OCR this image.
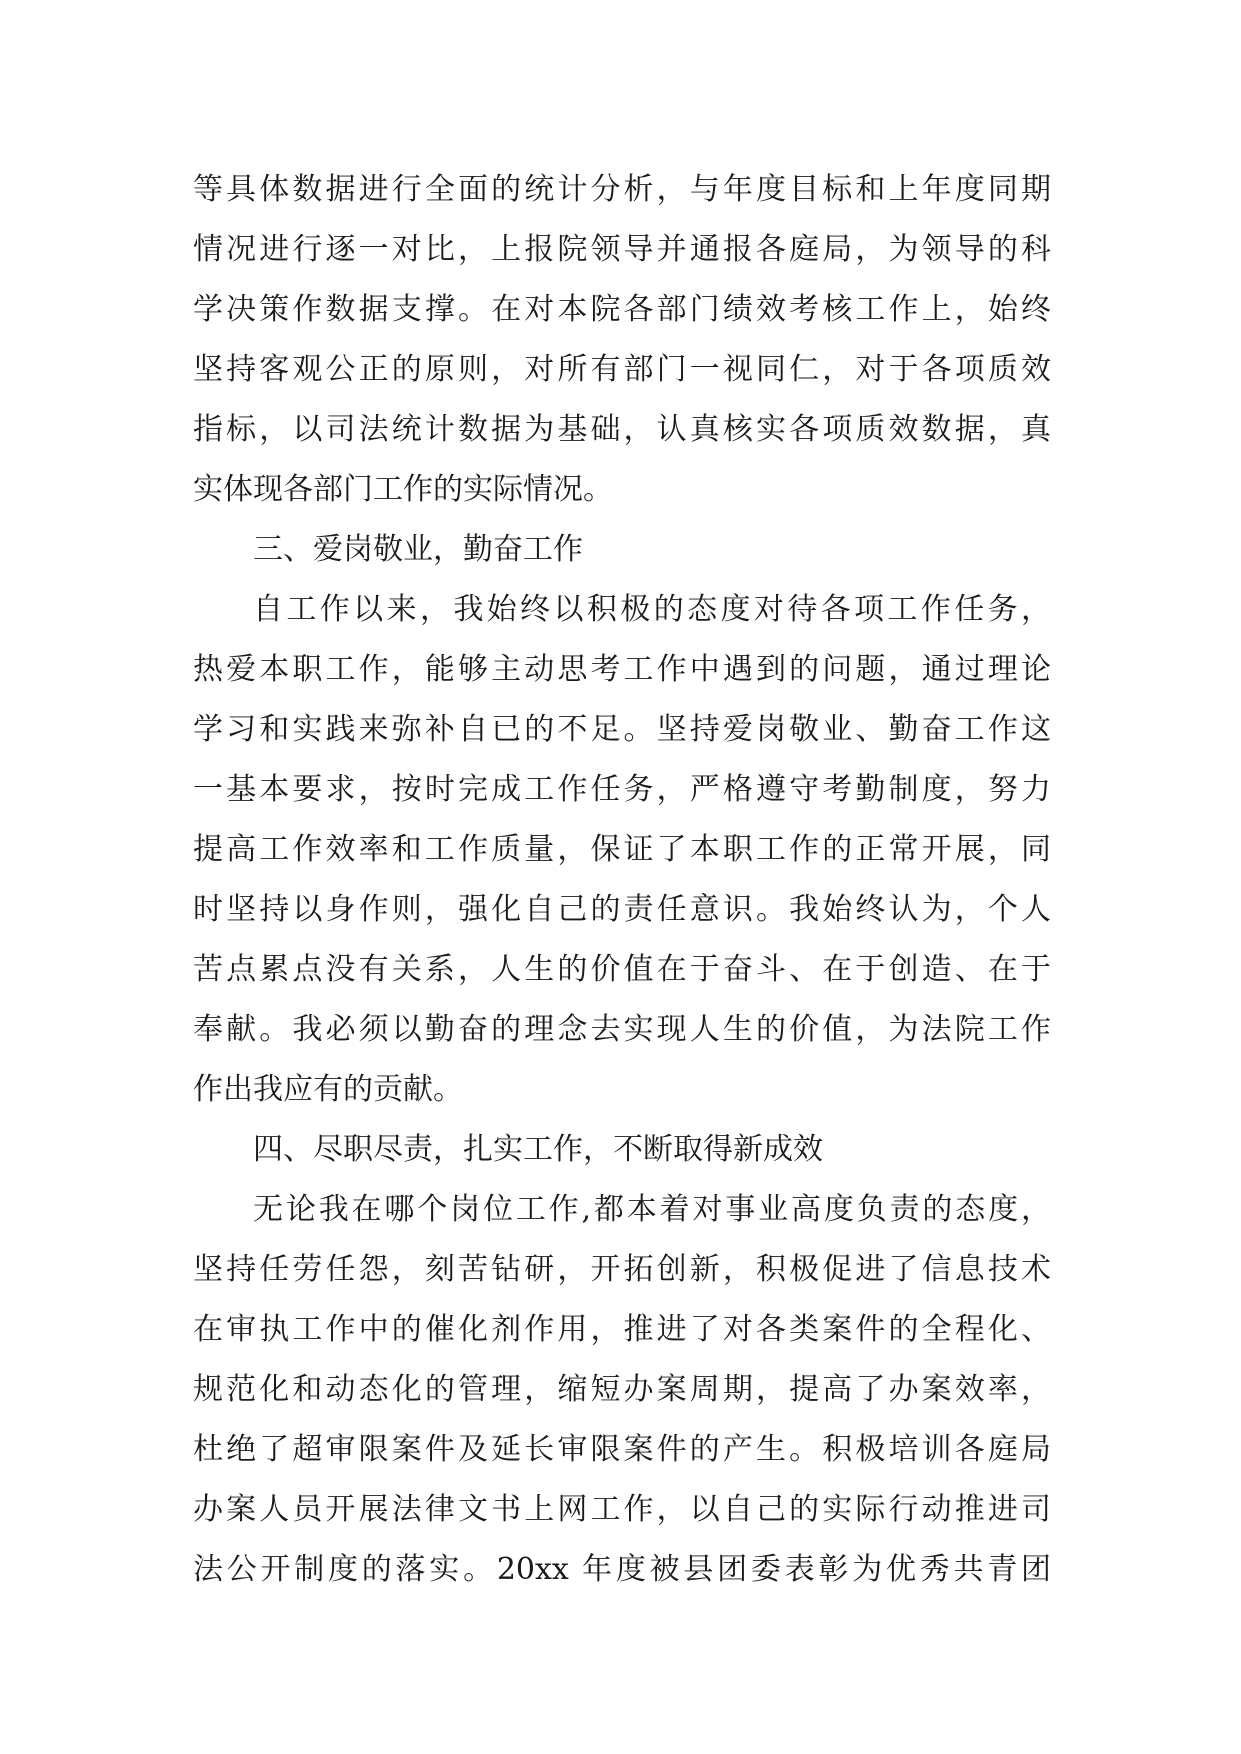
等具体数据进行全面的统计分析，与年度目标和上年度同期
情况进行逐一对比，上报院领导并通报各庭局，为领导的科
学决策作数据支撑。在对本院各部门绩效考核工作上，始终
坚持客观公正的原则，对所有部门一视同仁，对于各项质效
指标，以司法统计数据为基础，认真核实各项质效数据，真
实体现各部门工作的实际情况。
三、爱岗敬业，勤奋工作
自工作以来，我始终以积极的态度对待各项工作任务，
热爱本职工作，能够主动思考工作中遇到的问题，通过理论
学习和实践来弥补自已的不足。坚持爱岗敬业、勤奋工作这
一基本要求，按时完成工作任务，严格遵守考勤制度，努力
提高工作效率和工作质量，保证了本职工作的正常开展，同
时坚持以身作则，强化自己的责任意识。我始终认为，个人
苦点累点没有关系，人生的价值在于奋斗、在于创造、在于
奉献。我必须以勤奋的理念去实现人生的价值，为法院工作
作出我应有的贡献。
四、尽职尽责，扎实工作，不断取得新成效
无论我在哪个岗位工作,都本着对事业高度负责的态度，
坚持任劳任怨，刻苦钻研，开拓创新，积极促进了信息技术
在审执工作中的催化剂作用，推进了对各类案件的全程化、
规范化和动态化的管理，缩短办案周期，提高了办案效率，
杜绝了超审限案件及延长审限案件的产生。积极培训各庭局
办案人员开展法律文书上网工作，以自己的实际行动推进司
法公开制度的落实。20xx 年度被县团委表彰为优秀共青团
